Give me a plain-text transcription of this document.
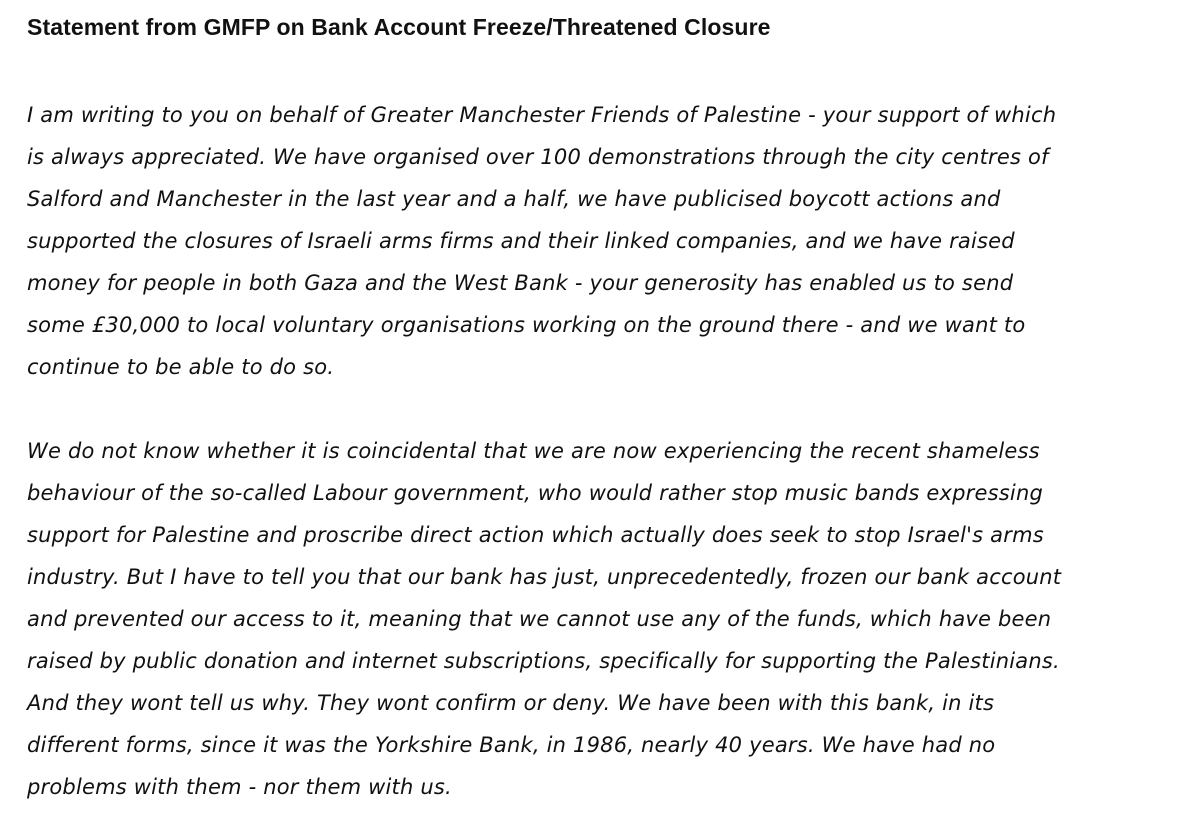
Statement from GMFP on Bank Account Freeze/Threatened Closure

I am writing to you on behalf of Greater Manchester Friends of Palestine - your support of which
is always appreciated. We have organised over 100 demonstrations through the city centres of
Salford and Manchester in the last year and a half, we have publicised boycott actions and
supported the closures of Israeli arms firms and their linked companies, and we have raised
money for people in both Gaza and the West Bank - your generosity has enabled us to send
some £30,000 to local voluntary organisations working on the ground there - and we want to
continue to be able to do so.

We do not know whether it is coincidental that we are now experiencing the recent shameless
behaviour of the so-called Labour government, who would rather stop music bands expressing
support for Palestine and proscribe direct action which actually does seek to stop Israel's arms
industry. But I have to tell you that our bank has just, unprecedentedly, frozen our bank account
and prevented our access to it, meaning that we cannot use any of the funds, which have been
raised by public donation and internet subscriptions, specifically for supporting the Palestinians.
And they wont tell us why. They wont confirm or deny. We have been with this bank, in its
different forms, since it was the Yorkshire Bank, in 1986, nearly 40 years. We have had no
problems with them - nor them with us.
